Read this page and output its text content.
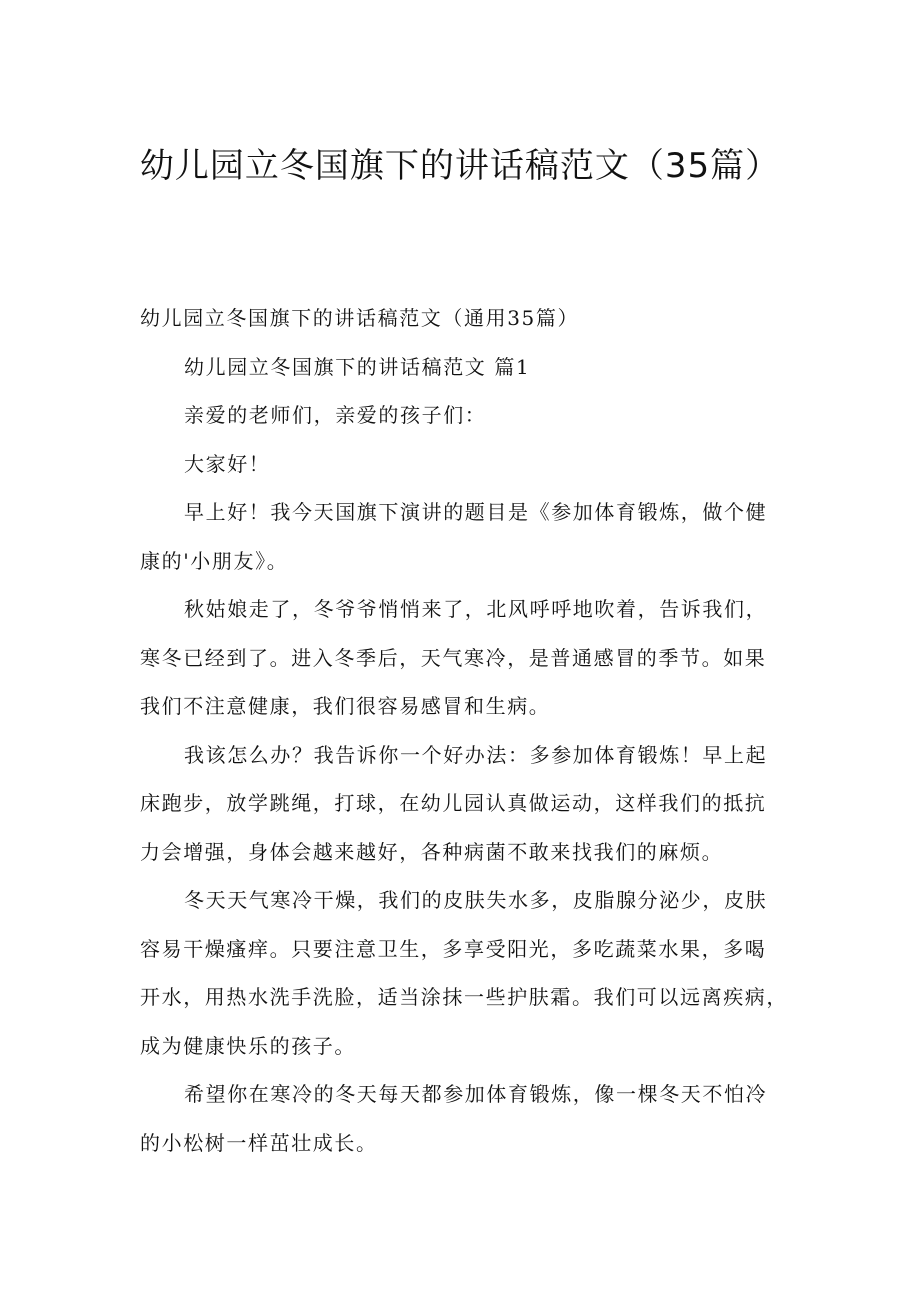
幼儿园立冬国旗下的讲话稿范文（35篇）

幼儿园立冬国旗下的讲话稿范文（通用35篇）

幼儿园立冬国旗下的讲话稿范文 篇1

亲爱的老师们，亲爱的孩子们：

大家好！

早上好！我今天国旗下演讲的题目是《参加体育锻炼，做个健
康的'小朋友》。

秋姑娘走了，冬爷爷悄悄来了，北风呼呼地吹着，告诉我们，
寒冬已经到了。进入冬季后，天气寒冷，是普通感冒的季节。如果
我们不注意健康，我们很容易感冒和生病。

我该怎么办？我告诉你一个好办法：多参加体育锻炼！早上起
床跑步，放学跳绳，打球，在幼儿园认真做运动，这样我们的抵抗
力会增强，身体会越来越好，各种病菌不敢来找我们的麻烦。

冬天天气寒冷干燥，我们的皮肤失水多，皮脂腺分泌少，皮肤
容易干燥瘙痒。只要注意卫生，多享受阳光，多吃蔬菜水果，多喝
开水，用热水洗手洗脸，适当涂抹一些护肤霜。我们可以远离疾病，
成为健康快乐的孩子。

希望你在寒冷的冬天每天都参加体育锻炼，像一棵冬天不怕冷
的小松树一样茁壮成长。
